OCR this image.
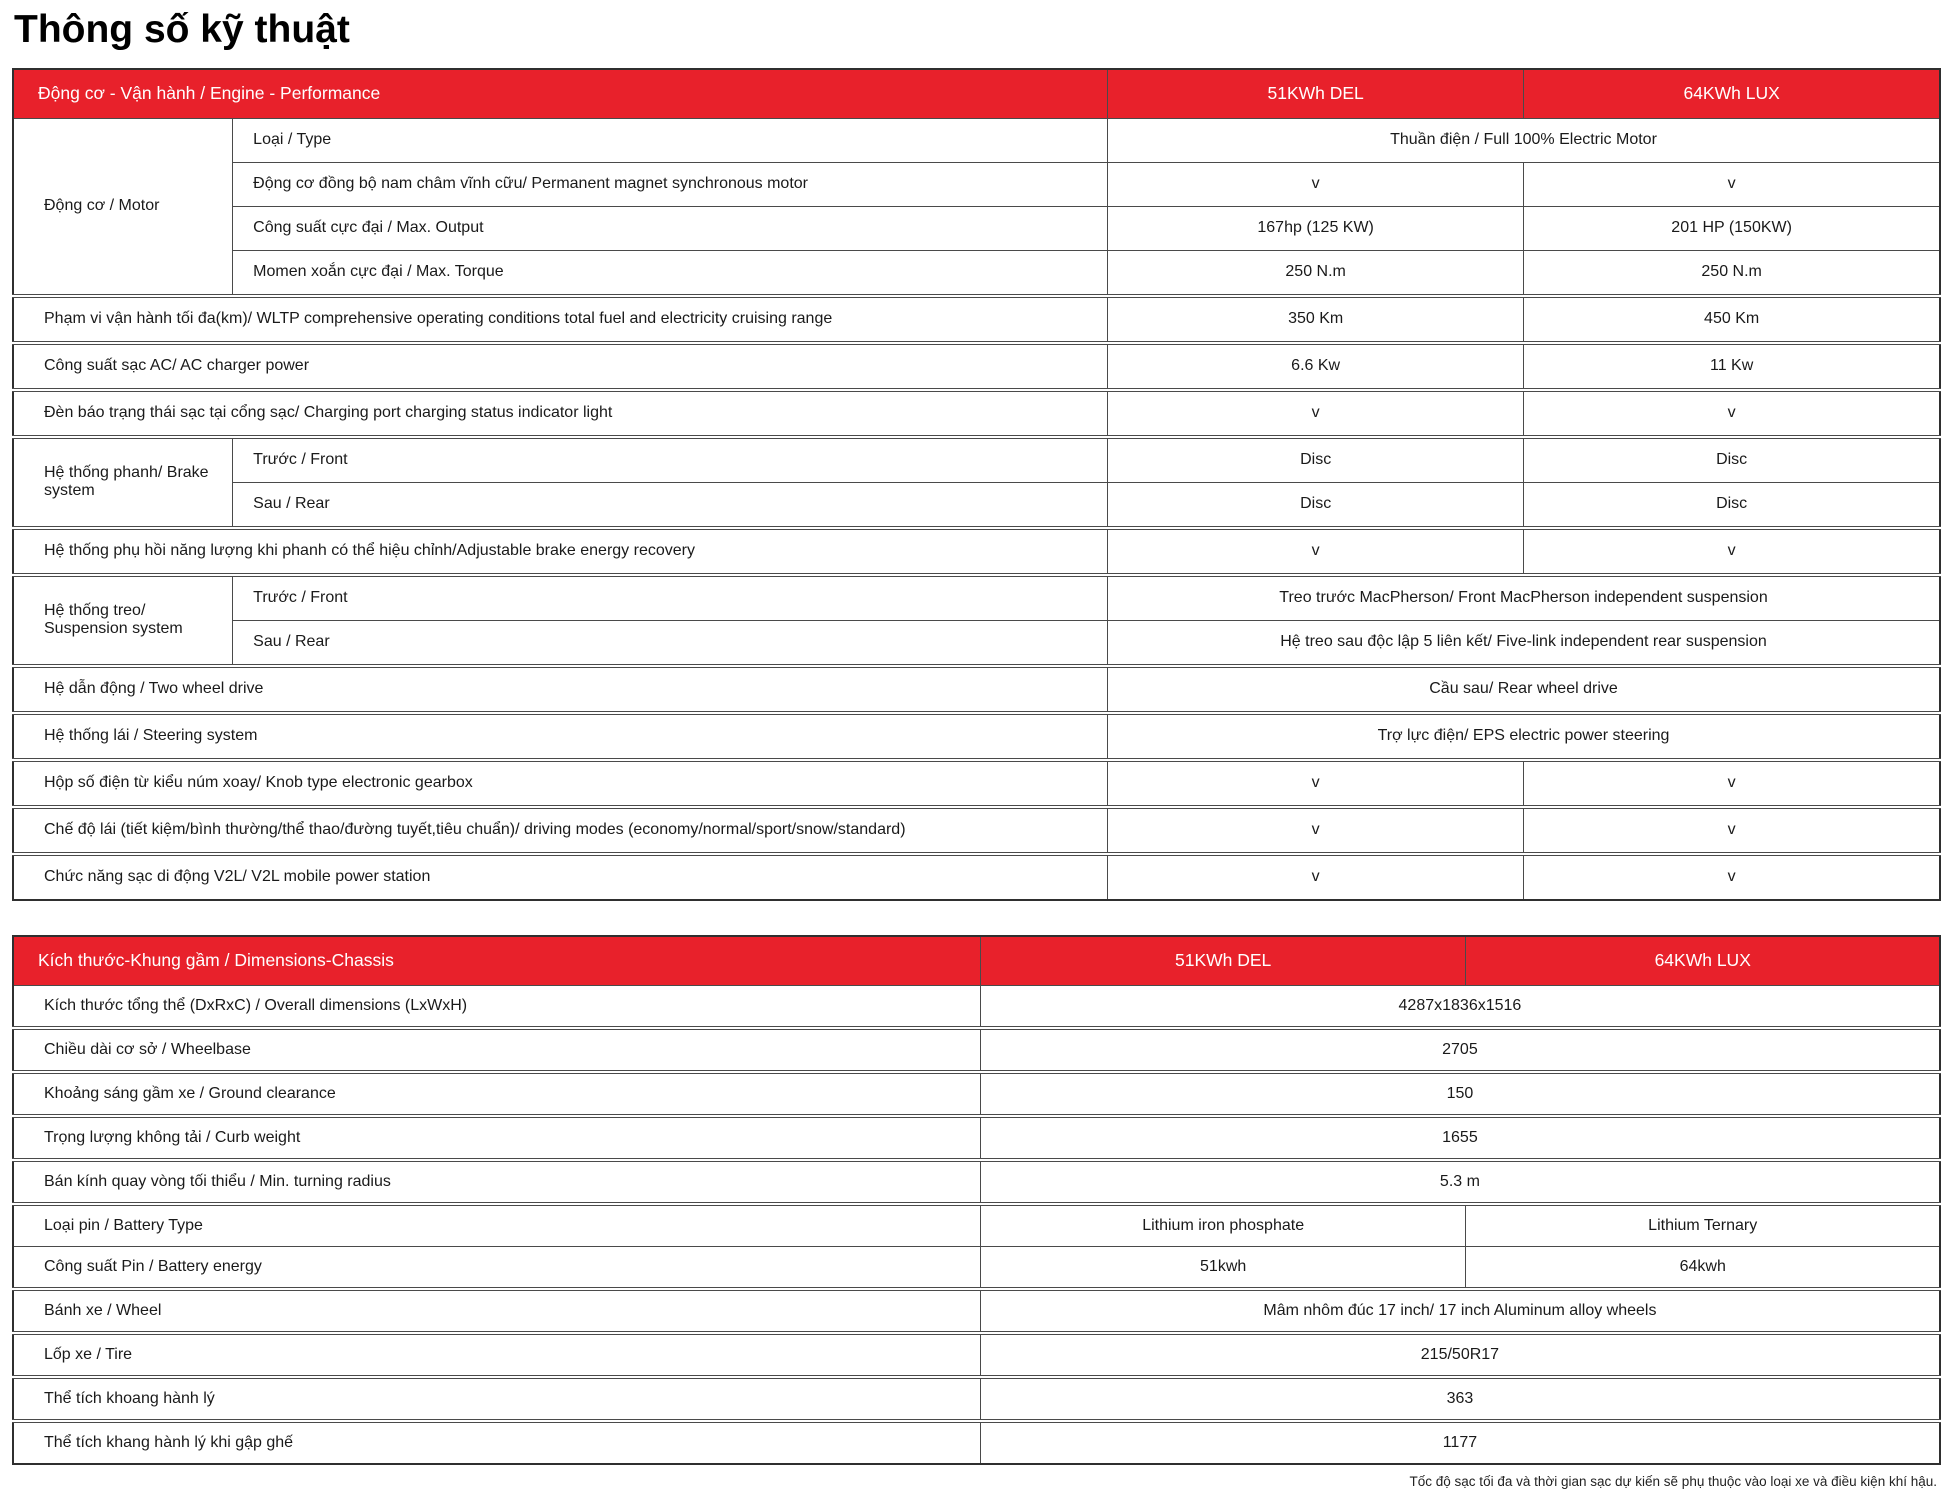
Thông số kỹ thuật
Động cơ - Vận hành / Engine - Performance		51KWh DEL	64KWh LUX
Động cơ / Motor	Loại / Type	Thuần điện / Full 100% Electric Motor	
	Động cơ đồng bộ nam châm vĩnh cữu/ Permanent magnet synchronous motor	v	v
	Công suất cực đại / Max. Output	167hp (125 KW)	201 HP (150KW)
	Momen xoắn cực đại / Max. Torque	250 N.m	250 N.m
Phạm vi vận hành tối đa(km)/ WLTP comprehensive operating conditions total fuel and electricity cruising range		350 Km	450 Km
Công suất sạc AC/ AC charger power		6.6 Kw	11 Kw
Đèn báo trạng thái sạc tại cổng sạc/ Charging port charging status indicator light		v	v
Hệ thống phanh/ Brake system	Trước / Front	Disc	Disc
	Sau / Rear	Disc	Disc
Hệ thống phụ hồi năng lượng khi phanh có thể hiệu chỉnh/Adjustable brake energy recovery		v	v
Hệ thống treo/ Suspension system	Trước / Front	Treo trước MacPherson/ Front MacPherson independent suspension	
	Sau / Rear	Hệ treo sau độc lập 5 liên kết/ Five-link independent rear suspension	
Hệ dẫn động / Two wheel drive		Cầu sau/ Rear wheel drive	
Hệ thống lái / Steering system		Trợ lực điện/ EPS electric power steering	
Hộp số điện từ kiểu núm xoay/ Knob type electronic gearbox		v	v
Chế độ lái (tiết kiệm/bình thường/thể thao/đường tuyết,tiêu chuẩn)/ driving modes (economy/normal/sport/snow/standard)		v	v
Chức năng sạc di động V2L/ V2L mobile power station		v	v
Kích thước-Khung gầm / Dimensions-Chassis	51KWh DEL	64KWh LUX
Kích thước tổng thể (DxRxC) / Overall dimensions (LxWxH)	4287x1836x1516	
Chiều dài cơ sở / Wheelbase	2705	
Khoảng sáng gầm xe / Ground clearance	150	
Trọng lượng không tải / Curb weight	1655	
Bán kính quay vòng tối thiểu / Min. turning radius	5.3 m	
Loại pin / Battery Type	Lithium iron phosphate	Lithium Ternary
Công suất Pin / Battery energy	51kwh	64kwh
Bánh xe / Wheel	Mâm nhôm đúc 17 inch/ 17 inch Aluminum alloy wheels	
Lốp xe / Tire	215/50R17	
Thể tích khoang hành lý	363	
Thể tích khang hành lý khi gập ghế	1177	
Tốc độ sạc tối đa và thời gian sạc dự kiến sẽ phụ thuộc vào loại xe và điều kiện khí hậu.
